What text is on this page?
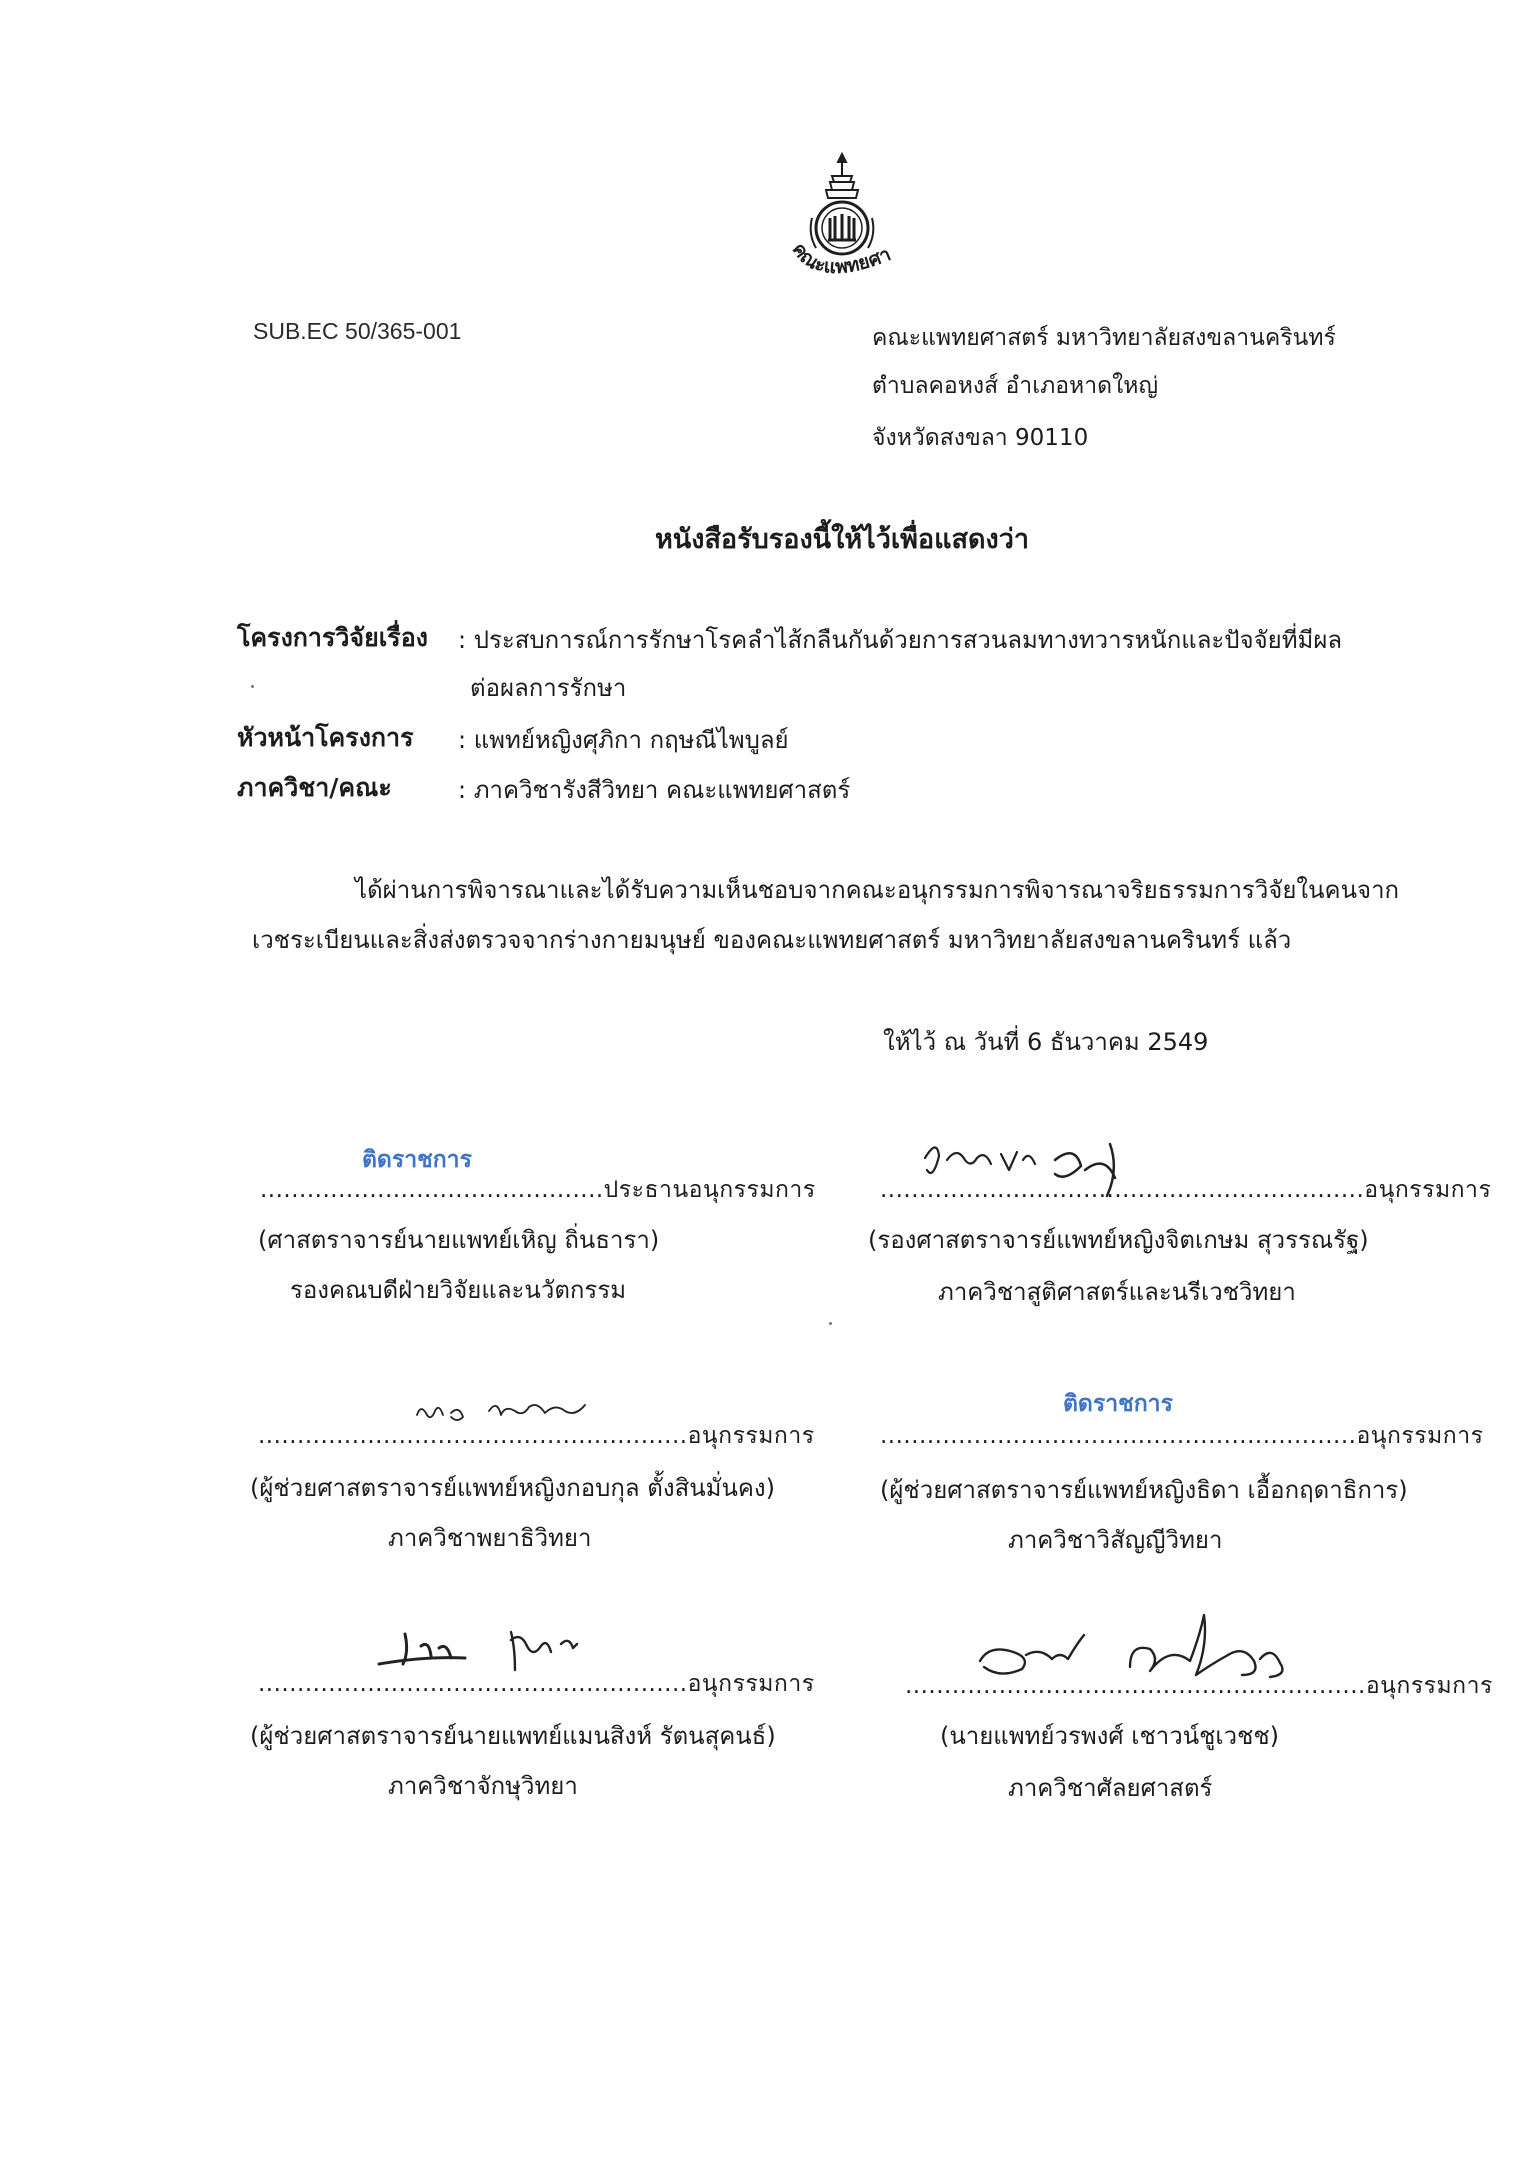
คณะแพทยศา
SUB.EC 50/365-001	คณะแพทยศาสตร์ มหาวิทยาลัยสงขลานครินทร์
ตำบลคอหงส์ อำเภอหาดใหญ่
จังหวัดสงขลา 90110
หนังสือรับรองนี้ให้ไว้เพื่อแสดงว่า
โครงการวิจัยเรื่อง : ประสบการณ์การรักษาโรคลำไส้กลืนกันด้วยการสวนลมทางทวารหนักและปัจจัยที่มีผล
ต่อผลการรักษา
หัวหน้าโครงการ : แพทย์หญิงศุภิกา กฤษณีไพบูลย์
ภาควิชา/คณะ	: ภาควิชารังสีวิทยา คณะแพทยศาสตร์
ได้ผ่านการพิจารณาและได้รับความเห็นชอบจากคณะอนุกรรมการพิจารณาจริยธรรมการวิจัยในคนจาก
เวชระเบียนและสิ่งส่งตรวจจากร่างกายมนุษย์ ของคณะแพทยศาสตร์ มหาวิทยาลัยสงขลานครินทร์ แล้ว
ให้ไว้ ณ วันที่ 6 ธันวาคม 2549
ติดราชการ
............................................ประธานอนุกรรมการ
(ศาสตราจารย์นายแพทย์เหิญ ถิ่นธารา)
รองคณบดีฝ่ายวิจัยและนวัตกรรม
..............................................................อนุกรรมการ
(รองศาสตราจารย์แพทย์หญิงจิตเกษม สุวรรณรัฐ)
ภาควิชาสูติศาสตร์และนรีเวชวิทยา
.......................................................อนุกรรมการ
(ผู้ช่วยศาสตราจารย์แพทย์หญิงกอบกุล ตั้งสินมั่นคง)
ภาควิชาพยาธิวิทยา
ติดราชการ
.............................................................อนุกรรมการ
(ผู้ช่วยศาสตราจารย์แพทย์หญิงธิดา เอื้อกฤดาธิการ)
ภาควิชาวิสัญญีวิทยา
.......................................................อนุกรรมการ
(ผู้ช่วยศาสตราจารย์นายแพทย์แมนสิงห์ รัตนสุคนธ์)
ภาควิชาจักษุวิทยา
...........................................................อนุกรรมการ
(นายแพทย์วรพงศ์ เชาวน์ชูเวชช)
ภาควิชาศัลยศาสตร์
